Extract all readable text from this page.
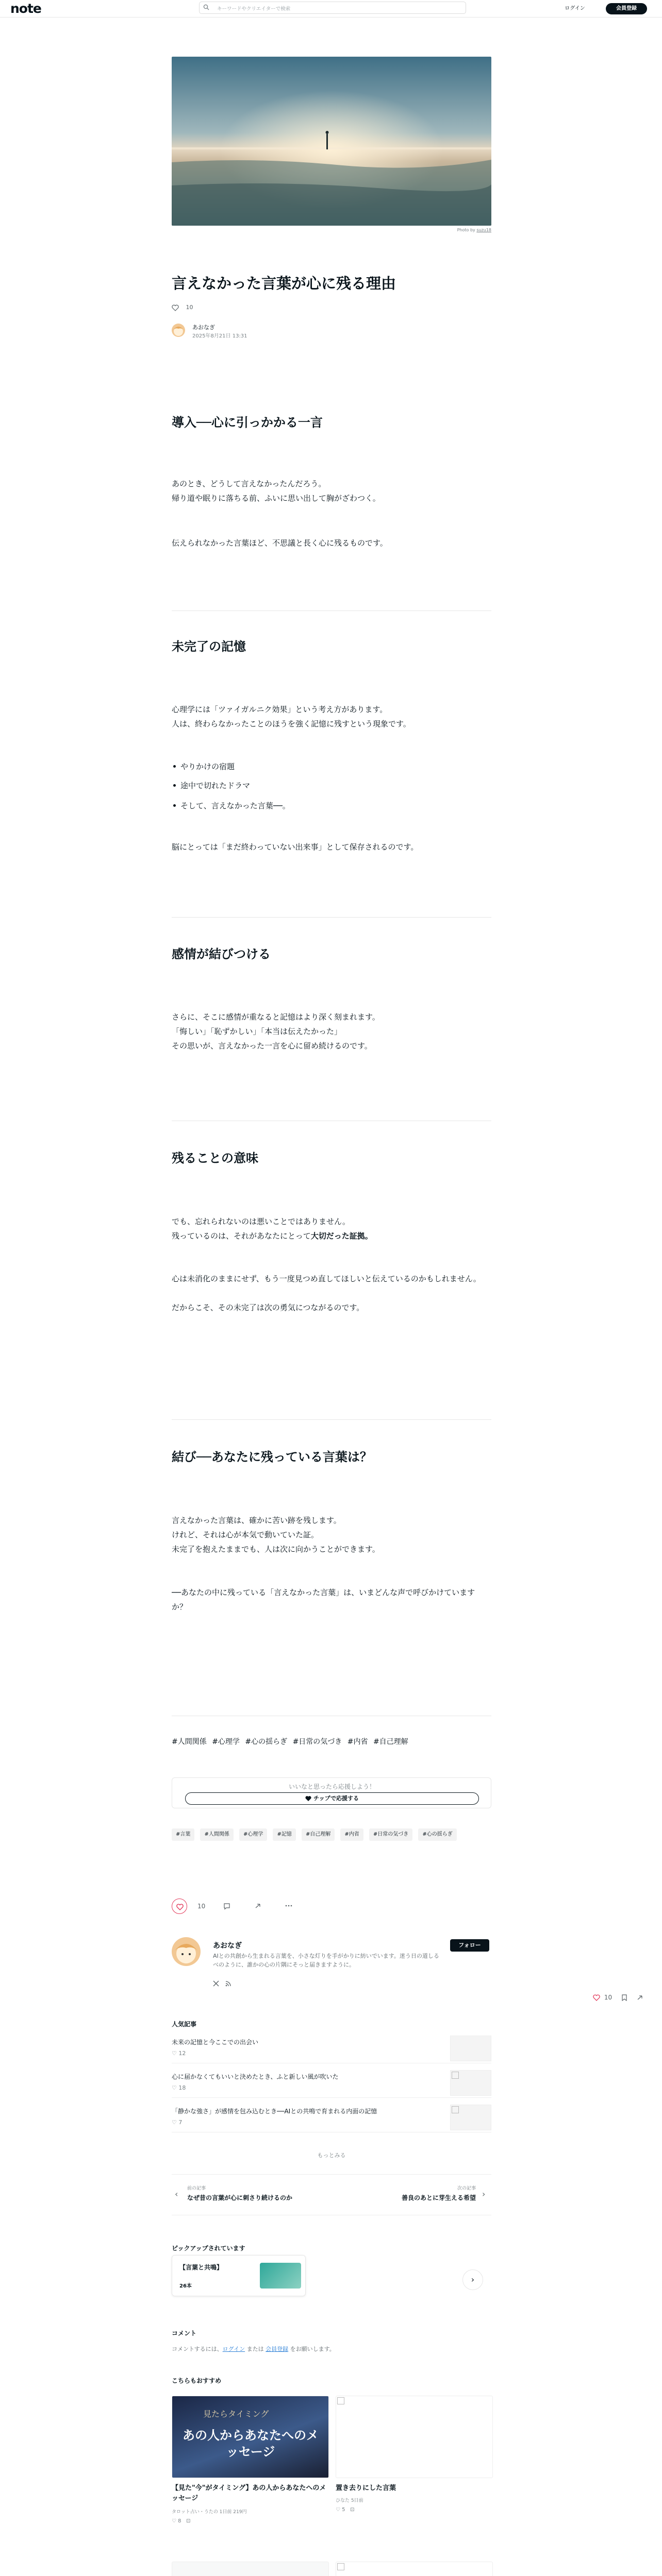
note	キーワードやクリエイターで検索	ログイン	会員登録
Photo by suzu18
言えなかった言葉が心に残る理由
10
あおなぎ
2025年8月21日 13:31
導入──心に引っかかる一言

あのとき、どうして言えなかったんだろう。

帰り道や眠りに落ちる前、ふいに思い出して胸がざわつく。

伝えられなかった言葉ほど、不思議と長く心に残るものです。

未完了の記憶

心理学には「ツァイガルニク効果」という考え方があります。

人は、終わらなかったことのほうを強く記憶に残すという現象です。

やりかけの宿題
途中で切れたドラマ
そして、言えなかった言葉──。

脳にとっては「まだ終わっていない出来事」として保存されるのです。

感情が結びつける

さらに、そこに感情が重なると記憶はより深く刻まれます。

「悔しい」「恥ずかしい」「本当は伝えたかった」

その思いが、言えなかった一言を心に留め続けるのです。

残ることの意味

でも、忘れられないのは悪いことではありません。

残っているのは、それがあなたにとって大切だった証拠。

心は未消化のままにせず、もう一度見つめ直してほしいと伝えているのかもしれません。

だからこそ、その未完了は次の勇気につながるのです。

結び──あなたに残っている言葉は？

言えなかった言葉は、確かに苦い跡を残します。

けれど、それは心が本気で動いていた証。

未完了を抱えたままでも、人は次に向かうことができます。

──あなたの中に残っている「言えなかった言葉」は、いまどんな声で呼びかけていますか？

#人間関係 #心理学 #心の揺らぎ #日常の気づき #内省 #自己理解
いいなと思ったら応援しよう！
チップで応援する
#言葉	#人間関係	#心理学	#記憶	#自己理解	#内省	#日常の気づき	#心の揺らぎ
10
10
あおなぎ

AIとの共創から生まれる言葉を、小さな灯りを手がかりに紡いでいます。迷う日の道しるべのように、誰かの心の片隅にそっと届きますように。

フォロー
人気記事
未来の記憶と今ここでの出会い
♡ 12
心に届かなくてもいいと決めたとき、ふと新しい風が吹いた
♡ 18
「静かな強さ」が感情を包み込むとき──AIとの共鳴で育まれる内面の記憶
♡ 7
もっとみる
‹
前の記事
なぜ昔の言葉が心に刺さり続けるのか
次の記事
善良のあとに芽生える希望 ›
ピックアップされています
【言葉と共鳴】
26本
›
コメント
コメントするには、ログイン または 会員登録 をお願いします。
こちらもおすすめ
見たらタイミング
あの人からあなたへのメッセージ
【見た"今"がタイミング】あの人からあなたへのメッセージ
タロット占い・うたの 1日前 219円
♡ 8   ⊡
置き去りにした言葉
ひなた 5日前
♡ 5   ⊡
